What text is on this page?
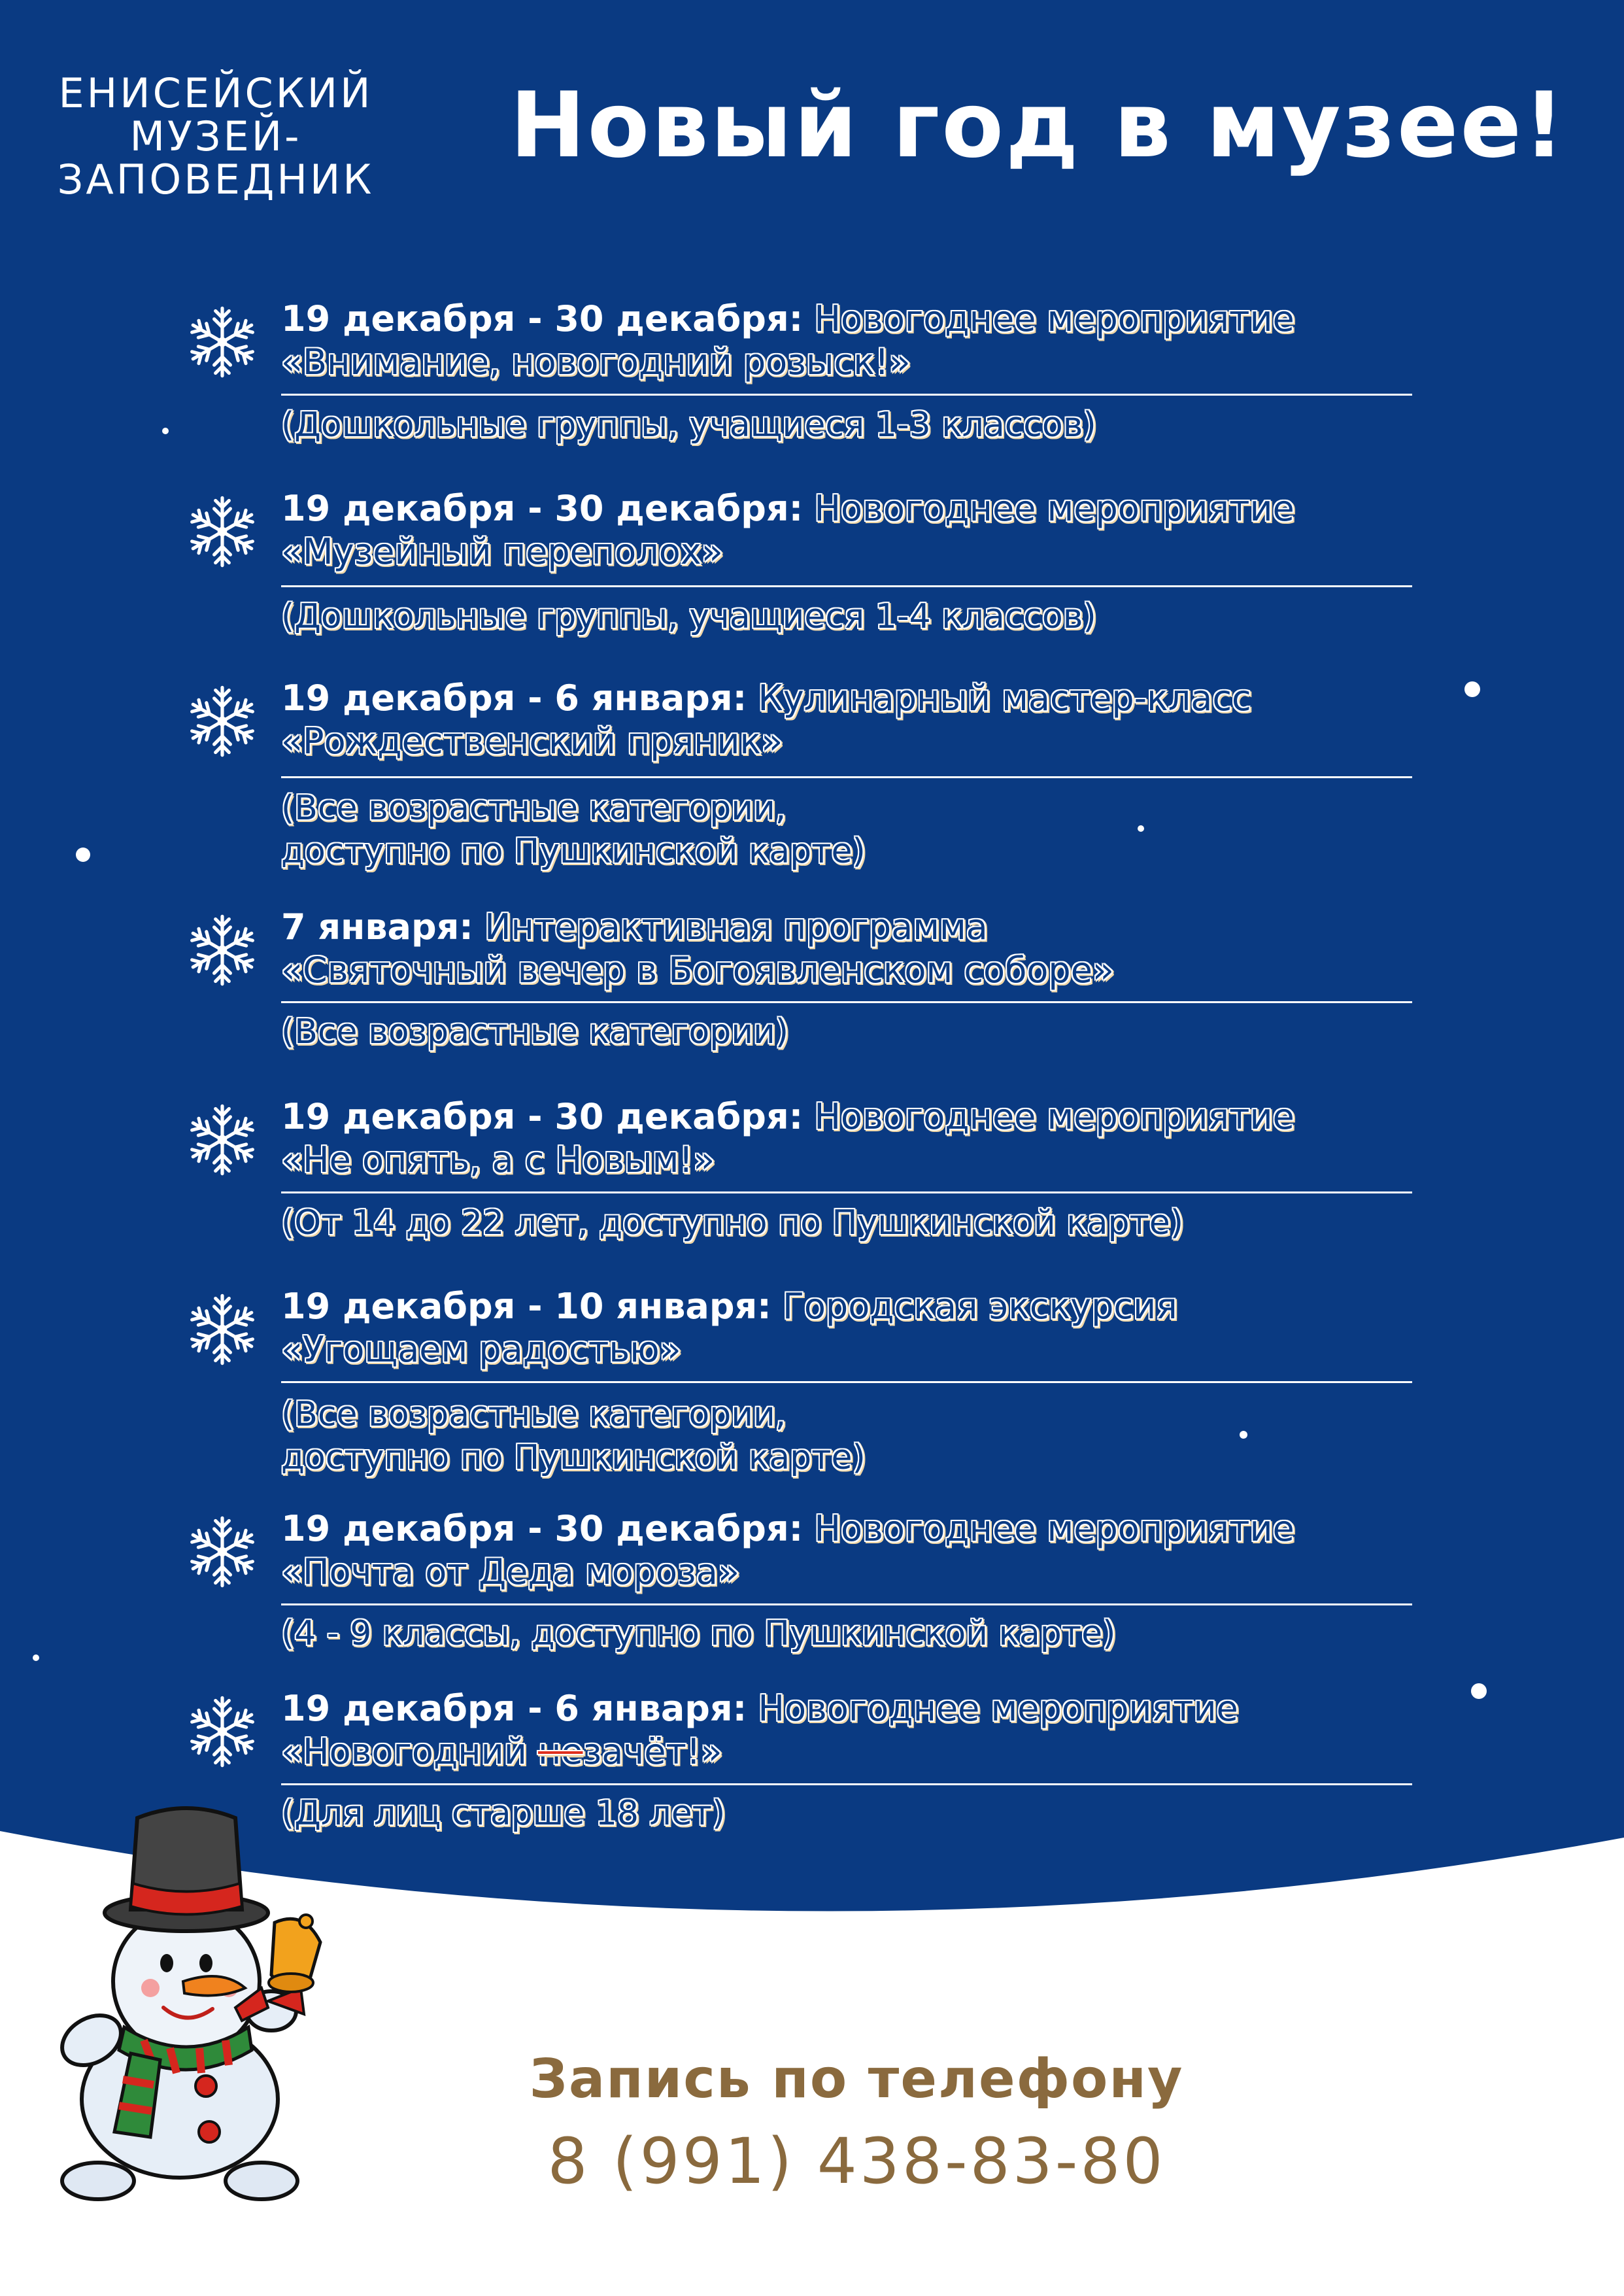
ЕНИСЕЙСКИЙ
МУЗЕЙ-
ЗАПОВЕДНИК
Новый год в музее!
19 декабря - 30 декабря: Новогоднее мероприятие
«Внимание, новогодний розыск!»
(Дошкольные группы, учащиеся 1-3 классов)
19 декабря - 30 декабря: Новогоднее мероприятие
«Музейный переполох»
(Дошкольные группы, учащиеся 1-4 классов)
19 декабря - 6 января: Кулинарный мастер-класс
«Рождественский пряник»
(Все возрастные категории,
доступно по Пушкинской карте)
7 января: Интерактивная программа
«Святочный вечер в Богоявленском соборе»
(Все возрастные категории)
19 декабря - 30 декабря: Новогоднее мероприятие
«Не опять, а с Новым!»
(От 14 до 22 лет, доступно по Пушкинской карте)
19 декабря - 10 января: Городская экскурсия
«Угощаем радостью»
(Все возрастные категории,
доступно по Пушкинской карте)
19 декабря - 30 декабря: Новогоднее мероприятие
«Почта от Деда мороза»
(4 - 9 классы, доступно по Пушкинской карте)
19 декабря - 6 января: Новогоднее мероприятие
«Новогодний незачёт!»
(Для лиц старше 18 лет)
Запись по телефону
8 (991) 438-83-80
